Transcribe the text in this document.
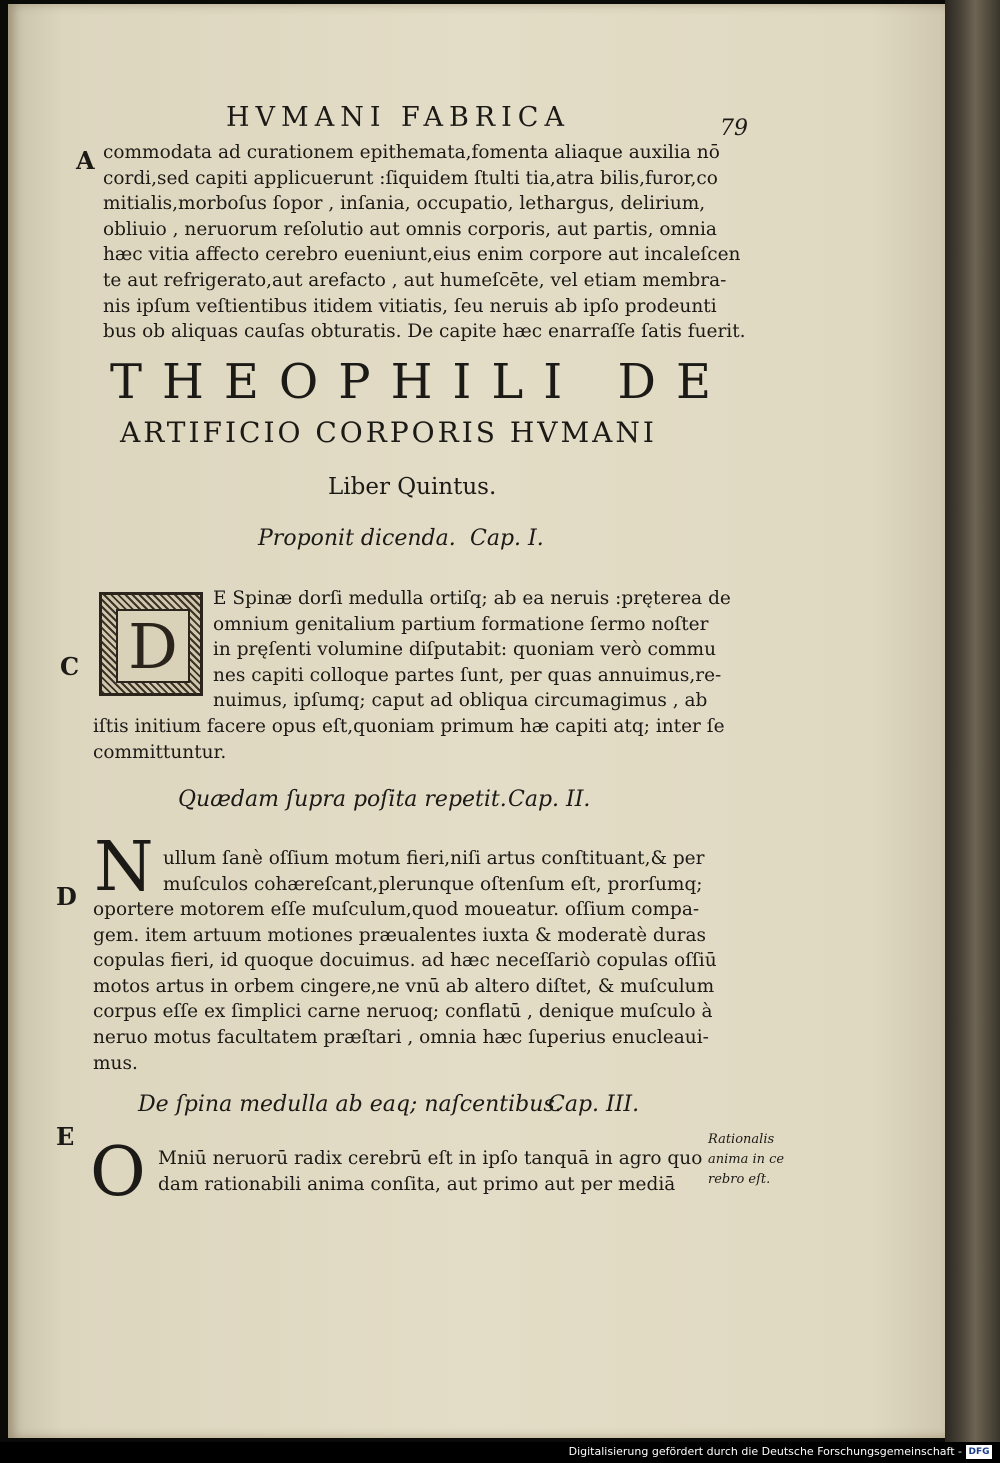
HVMANI FABRICA	79
A commodata ad curationem epithemata,fomenta aliaque auxilia nō
cordi,sed capiti applicuerunt :ſiquidem ſtulti tia,atra bilis,furor,co
mitialis,morboſus ſopor , inſania, occupatio, lethargus, delirium,
obliuio , neruorum reſolutio aut omnis corporis, aut partis, omnia
hæc vitia affecto cerebro eueniunt,eius enim corpore aut incaleſcen
te aut refrigerato,aut arefacto , aut humeſcēte, vel etiam membra-
nis ipſum veſtientibus itidem vitiatis, ſeu neruis ab ipſo prodeunti
bus ob aliquas cauſas obturatis. De capite hæc enarraſſe ſatis fuerit.
THEOPHILI DE
ARTIFICIO CORPORIS HVMANI
Liber Quintus.
Proponit dicenda. Cap. I.
D
C
E Spinæ dorſi medulla ortiſq; ab ea neruis :pręterea de
omnium genitalium partium formatione ſermo noſter
in pręſenti volumine diſputabit: quoniam verò commu
nes capiti colloque partes ſunt, per quas annuimus,re-
nuimus, ipſumq; caput ad obliqua circumagimus , ab
iſtis initium facere opus eſt,quoniam primum hæ capiti atq; inter ſe
committuntur.
Quædam ſupra poſita repetit. Cap. II.
N
D
ullum ſanè oſſium motum fieri,niſi artus conſtituant,& per
muſculos cohæreſcant,plerunque oſtenſum eſt, prorſumq;
oportere motorem eſſe muſculum,quod moueatur. oſſium compa-
gem. item artuum motiones præualentes iuxta & moderatè duras
copulas fieri, id quoque docuimus. ad hæc neceſſariò copulas oſſiū
motos artus in orbem cingere,ne vnū ab altero diſtet, & muſculum
corpus eſſe ex ſimplici carne neruoq; conflatū , denique muſculo à
neruo motus facultatem præſtari , omnia hæc ſuperius enucleaui-
mus.
De ſpina medulla ab eaq; naſcentibus.
Cap. III.
E O Mniū neruorū radix cerebrū eſt in ipſo tanquā in agro quo
dam rationabili anima conſita, aut primo aut per mediā
Rationalis
anima in ce
rebro eſt.
Digitalisierung gefördert durch die Deutsche Forschungsgemeinschaft - DFG
